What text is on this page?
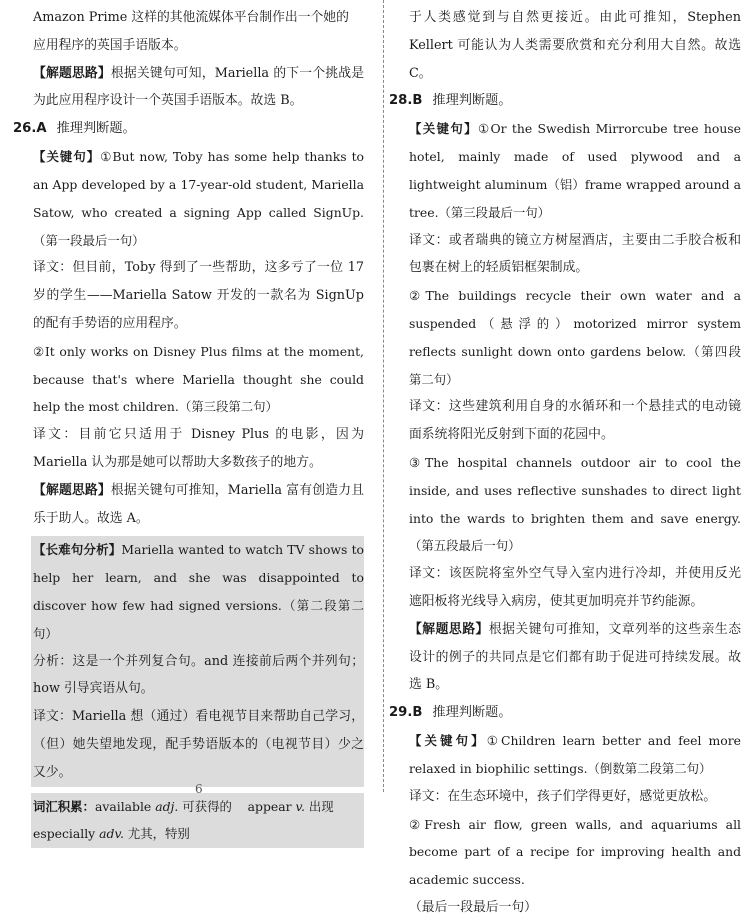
Amazon Prime 这样的其他流媒体平台制作出一个她的

应用程序的英国手语版本。

【解题思路】根据关键句可知，Mariella 的下一个挑战是为此应用程序设计一个英国手语版本。故选 B。

26.A 推理判断题。

【关键句】①But now, Toby has some help thanks to an App developed by a 17-year-old student, Mariella Satow, who created a signing App called SignUp.（第一段最后一句）

译文：但目前，Toby 得到了一些帮助，这多亏了一位 17 岁的学生——Mariella Satow 开发的一款名为 SignUp 的配有手势语的应用程序。

②It only works on Disney Plus films at the moment, because that's where Mariella thought she could help the most children.（第三段第二句）

译文：目前它只适用于 Disney Plus 的电影，因为 Mariella 认为那是她可以帮助大多数孩子的地方。

【解题思路】根据关键句可推知，Mariella 富有创造力且乐于助人。故选 A。

【长难句分析】Mariella wanted to watch TV shows to help her learn, and she was disappointed to discover how few had signed versions.（第二段第二句）

分析：这是一个并列复合句。and 连接前后两个并列句；how 引导宾语从句。

译文：Mariella 想（通过）看电视节目来帮助自己学习，（但）她失望地发现，配手势语版本的（电视节目）少之又少。

词汇积累：available adj. 可获得的 appear v. 出现

especially adv. 尤其，特别

6

于人类感觉到与自然更接近。由此可推知，Stephen Kellert 可能认为人类需要欣赏和充分利用大自然。故选 C。

28.B 推理判断题。

【关键句】①Or the Swedish Mirrorcube tree house hotel, mainly made of used plywood and a lightweight aluminum（铝）frame wrapped around a tree.（第三段最后一句）

译文：或者瑞典的镜立方树屋酒店，主要由二手胶合板和包裹在树上的轻质铝框架制成。

②The buildings recycle their own water and a suspended（悬浮的）motorized mirror system reflects sunlight down onto gardens below.（第四段第二句）

译文：这些建筑利用自身的水循环和一个悬挂式的电动镜面系统将阳光反射到下面的花园中。

③The hospital channels outdoor air to cool the inside, and uses reflective sunshades to direct light into the wards to brighten them and save energy.（第五段最后一句）

译文：该医院将室外空气导入室内进行冷却，并使用反光遮阳板将光线导入病房，使其更加明亮并节约能源。

【解题思路】根据关键句可推知，文章列举的这些亲生态设计的例子的共同点是它们都有助于促进可持续发展。故选 B。

29.B 推理判断题。

【关键句】①Children learn better and feel more relaxed in biophilic settings.（倒数第二段第二句）

译文：在生态环境中，孩子们学得更好，感觉更放松。

②Fresh air flow, green walls, and aquariums all become part of a recipe for improving health and academic success.

（最后一段最后一句）
